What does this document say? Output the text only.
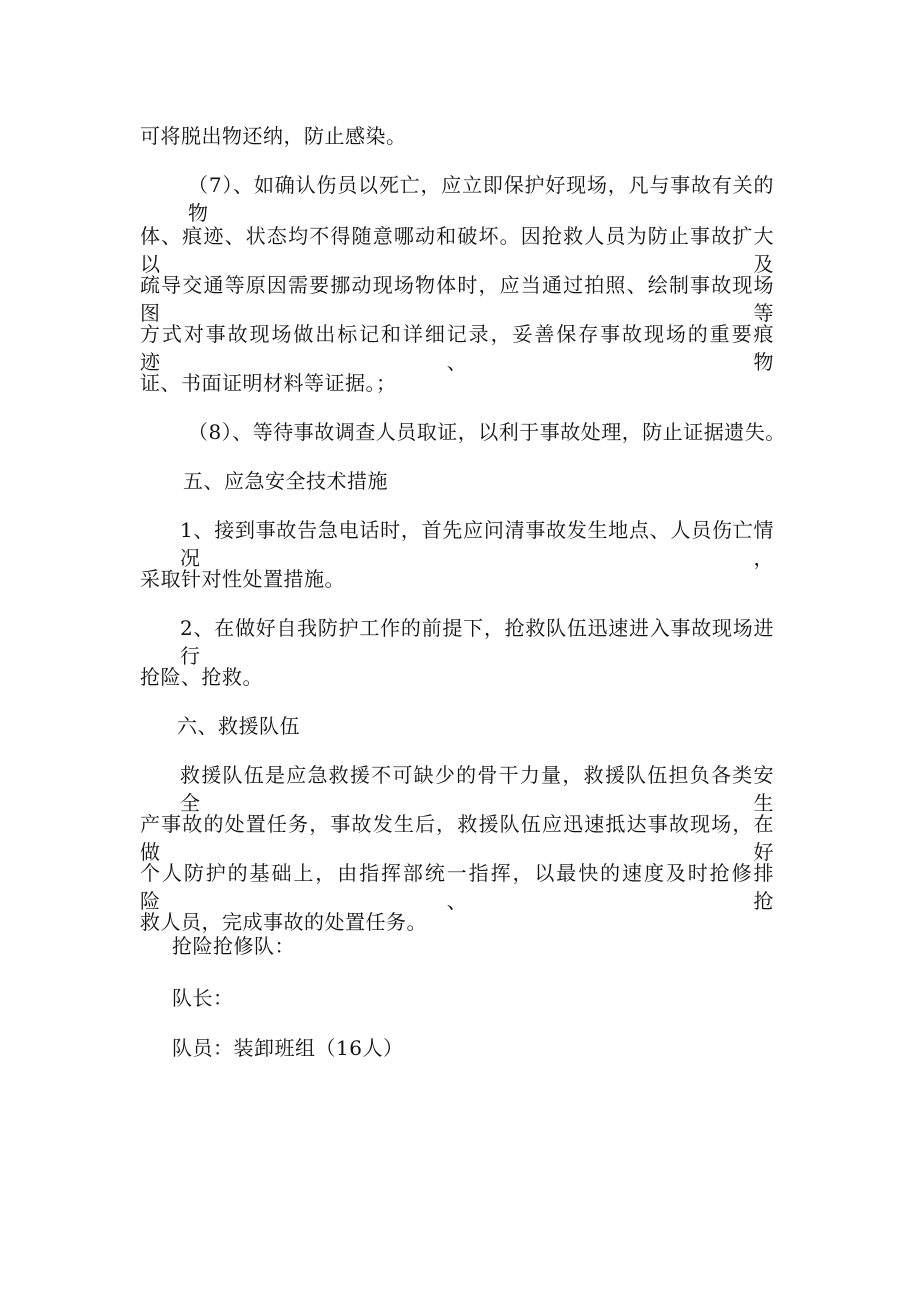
可将脱出物还纳，防止感染。

（7）、如确认伤员以死亡，应立即保护好现场，凡与事故有关的物

体、痕迹、状态均不得随意哪动和破坏。因抢救人员为防止事故扩大以及

疏导交通等原因需要挪动现场物体时，应当通过拍照、绘制事故现场图等

方式对事故现场做出标记和详细记录，妥善保存事故现场的重要痕迹、物

证、书面证明材料等证据。；

（8）、等待事故调查人员取证，以利于事故处理，防止证据遗失。

五、应急安全技术措施

1、接到事故告急电话时，首先应问清事故发生地点、人员伤亡情况，

采取针对性处置措施。

2、在做好自我防护工作的前提下，抢救队伍迅速进入事故现场进行

抢险、抢救。

六、救援队伍

救援队伍是应急救援不可缺少的骨干力量，救援队伍担负各类安全生

产事故的处置任务，事故发生后，救援队伍应迅速抵达事故现场，在做好

个人防护的基础上，由指挥部统一指挥，以最快的速度及时抢修排险、抢

救人员，完成事故的处置任务。

抢险抢修队：

队长：

队员：装卸班组（16人）
